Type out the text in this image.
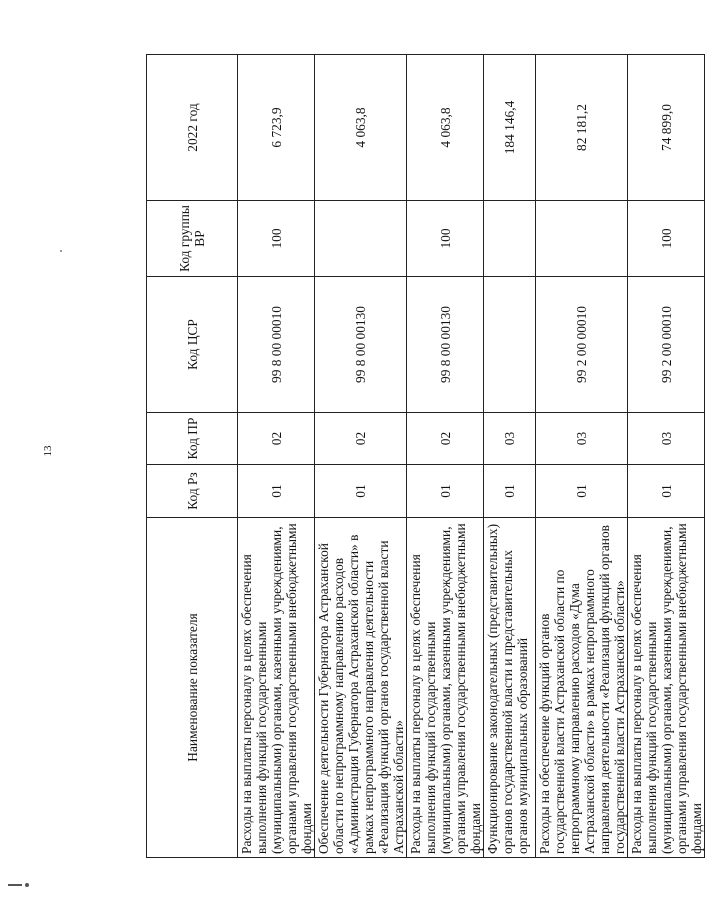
13
Наименование показателя	Код Рз	Код ПР	Код ЦСР	Код группы ВР	2022 год
Расходы на выплаты персоналу в целях обеспечения выполнения функций государственными (муниципальными) органами, казенными учреждениями, органами управления государственными внебюджетными фондами	01	02	99 8 00 00010	100	6 723,9
Обеспечение деятельности Губернатора Астраханской области по непрограммному направлению расходов «Администрация Губернатора Астраханской области» в рамках непрограммного направления деятельности «Реализация функций органов государственной власти Астраханской области»	01	02	99 8 00 00130		4 063,8
Расходы на выплаты персоналу в целях обеспечения выполнения функций государственными (муниципальными) органами, казенными учреждениями, органами управления государственными внебюджетными фондами	01	02	99 8 00 00130	100	4 063,8
Функционирование законодательных (представительных) органов государственной власти и представительных органов муниципальных образований	01	03			184 146,4
Расходы на обеспечение функций органов государственной власти Астраханской области по непрограммному направлению расходов «Дума Астраханской области» в рамках непрограммного направления деятельности «Реализация функций органов государственной власти Астраханской области»	01	03	99 2 00 00010		82 181,2
Расходы на выплаты персоналу в целях обеспечения выполнения функций государственными (муниципальными) органами, казенными учреждениями, органами управления государственными внебюджетными фондами	01	03	99 2 00 00010	100	74 899,0
